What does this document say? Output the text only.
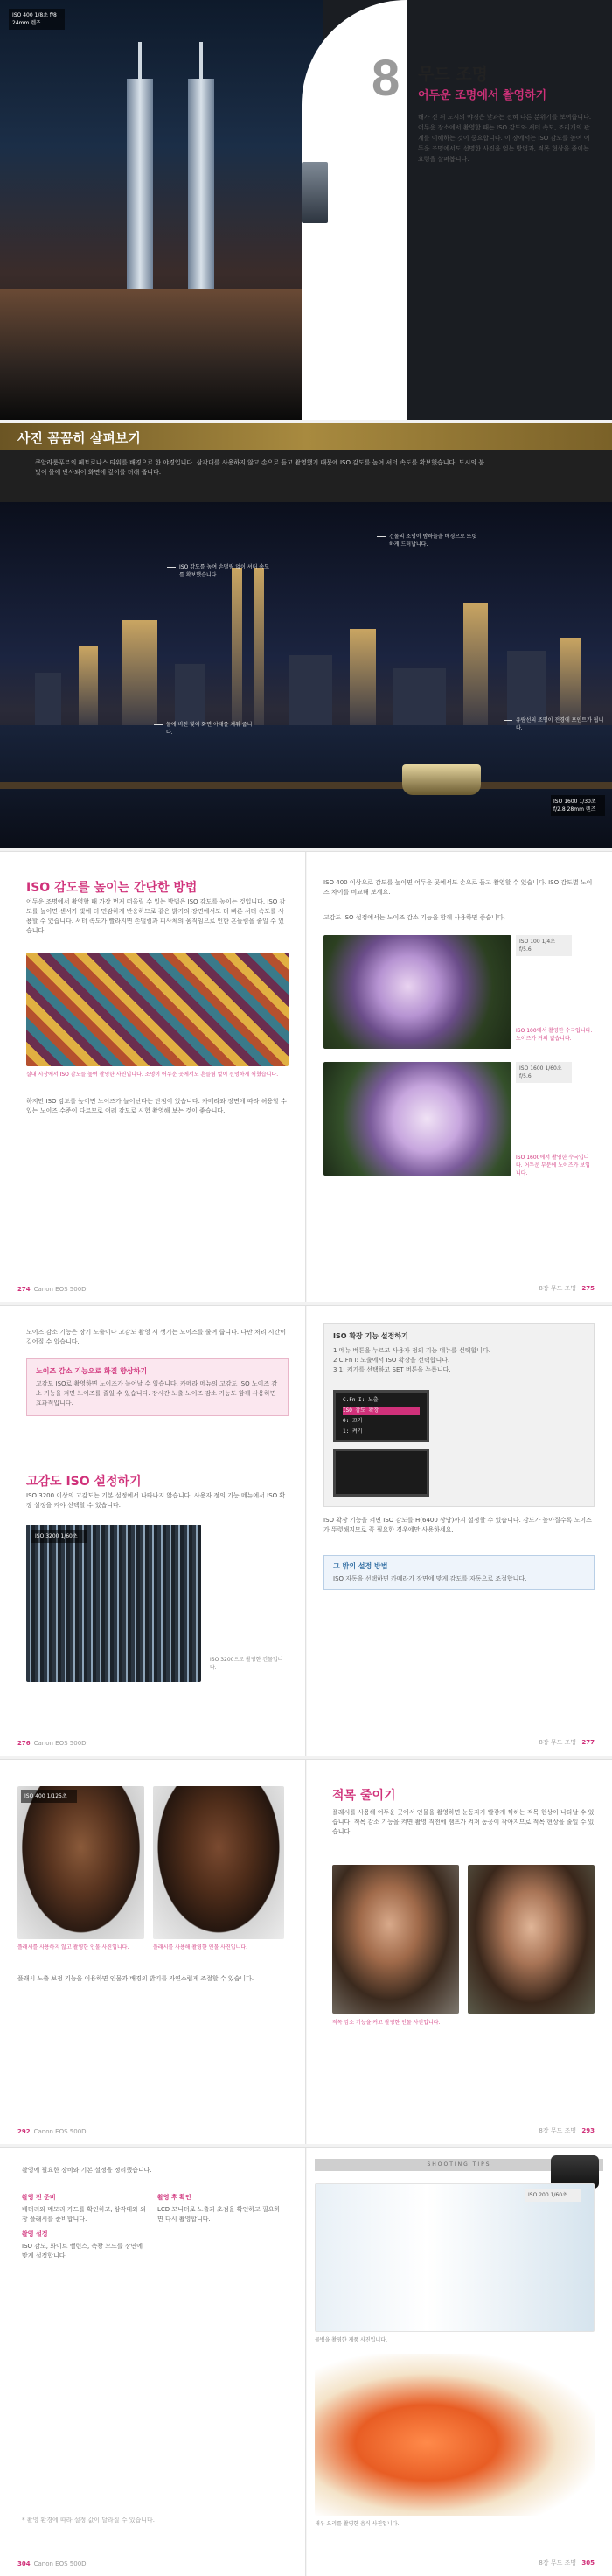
ISO 400 1/8초 f/8 24mm 렌즈
8 무드 조명
어두운 조명에서 촬영하기
해가 진 뒤 도시의 야경은 낮과는 전혀 다른 분위기를 보여줍니다. 어두운 장소에서 촬영할 때는 ISO 감도와 셔터 속도, 조리개의 관계를 이해하는 것이 중요합니다. 이 장에서는 ISO 감도를 높여 어두운 조명에서도 선명한 사진을 얻는 방법과, 적목 현상을 줄이는 요령을 살펴봅니다.
사진 꼼꼼히 살펴보기
쿠알라룸푸르의 페트로나스 타워를 배경으로 한 야경입니다. 삼각대를 사용하지 않고 손으로 들고 촬영했기 때문에 ISO 감도를 높여 셔터 속도를 확보했습니다. 도시의 불빛이 물에 반사되어 화면에 깊이를 더해 줍니다.
ISO 감도를 높여 손떨림 없이 셔터 속도를 확보했습니다.
건물의 조명이 밤하늘을 배경으로 또렷하게 드러납니다.
물에 비친 빛이 화면 아래를 채워 줍니다.
유람선의 조명이 전경에 포인트가 됩니다.
ISO 1600 1/30초 f/2.8 28mm 렌즈
ISO 감도를 높이는 간단한 방법
어두운 조명에서 촬영할 때 가장 먼저 떠올릴 수 있는 방법은 ISO 감도를 높이는 것입니다. ISO 감도를 높이면 센서가 빛에 더 민감하게 반응하므로 같은 밝기의 장면에서도 더 빠른 셔터 속도를 사용할 수 있습니다. 셔터 속도가 빨라지면 손떨림과 피사체의 움직임으로 인한 흔들림을 줄일 수 있습니다.
실내 시장에서 ISO 감도를 높여 촬영한 사진입니다. 조명이 어두운 곳에서도 흔들림 없이 선명하게 찍혔습니다.
하지만 ISO 감도를 높이면 노이즈가 늘어난다는 단점이 있습니다. 카메라와 장면에 따라 허용할 수 있는 노이즈 수준이 다르므로 여러 감도로 시험 촬영해 보는 것이 좋습니다.
274 Canon EOS 500D
ISO 400 이상으로 감도를 높이면 어두운 곳에서도 손으로 들고 촬영할 수 있습니다. ISO 감도별 노이즈 차이를 비교해 보세요.
고감도 ISO 설정에서는 노이즈 감소 기능을 함께 사용하면 좋습니다.
ISO 100 1/4초 f/5.6
ISO 100에서 촬영한 수국입니다. 노이즈가 거의 없습니다.
ISO 1600 1/60초 f/5.6
ISO 1600에서 촬영한 수국입니다. 어두운 부분에 노이즈가 보입니다.
8장 무드 조명 275
노이즈 감소 기능은 장기 노출이나 고감도 촬영 시 생기는 노이즈를 줄여 줍니다. 다만 처리 시간이 길어질 수 있습니다.
노이즈 감소 기능으로 화질 향상하기
고감도 ISO로 촬영하면 노이즈가 늘어날 수 있습니다. 카메라 메뉴의 고감도 ISO 노이즈 감소 기능을 켜면 노이즈를 줄일 수 있습니다. 장시간 노출 노이즈 감소 기능도 함께 사용하면 효과적입니다.
고감도 ISO 설정하기
ISO 3200 이상의 고감도는 기본 설정에서 나타나지 않습니다. 사용자 정의 기능 메뉴에서 ISO 확장 설정을 켜야 선택할 수 있습니다.
ISO 3200 1/60초
ISO 3200으로 촬영한 건물입니다.
276 Canon EOS 500D
ISO 확장 기능 설정하기
1 메뉴 버튼을 누르고 사용자 정의 기능 메뉴를 선택합니다.
2 C.Fn I: 노출에서 ISO 확장을 선택합니다.
3 1: 켜기를 선택하고 SET 버튼을 누릅니다.
C.Fn I: 노출
ISO 감도 확장
0: 끄기
1: 켜기
ISO 확장 기능을 켜면 ISO 감도를 H(6400 상당)까지 설정할 수 있습니다. 감도가 높아질수록 노이즈가 뚜렷해지므로 꼭 필요한 경우에만 사용하세요.
그 밖의 설정 방법
ISO 자동을 선택하면 카메라가 장면에 맞게 감도를 자동으로 조절합니다.
8장 무드 조명 277
ISO 400 1/125초
플래시를 사용하지 않고 촬영한 인물 사진입니다.	플래시를 사용해 촬영한 인물 사진입니다.
플래시 노출 보정 기능을 이용하면 인물과 배경의 밝기를 자연스럽게 조절할 수 있습니다.
292 Canon EOS 500D
적목 줄이기
플래시를 사용해 어두운 곳에서 인물을 촬영하면 눈동자가 빨갛게 찍히는 적목 현상이 나타날 수 있습니다. 적목 감소 기능을 켜면 촬영 직전에 램프가 켜져 동공이 작아지므로 적목 현상을 줄일 수 있습니다.
적목 감소 기능을 켜고 촬영한 인물 사진입니다.
8장 무드 조명 293
촬영에 필요한 장비와 기본 설정을 정리했습니다.
촬영 전 준비
배터리와 메모리 카드를 확인하고, 삼각대와 외장 플래시를 준비합니다.
촬영 설정
ISO 감도, 화이트 밸런스, 측광 모드를 장면에 맞게 설정합니다.
촬영 후 확인
LCD 모니터로 노출과 초점을 확인하고 필요하면 다시 촬영합니다.
* 촬영 환경에 따라 설정 값이 달라질 수 있습니다.
304 Canon EOS 500D
SHOOTING TIPS
ISO 200 1/60초
물병을 촬영한 제품 사진입니다.
새우 요리를 촬영한 음식 사진입니다.
8장 무드 조명 305
